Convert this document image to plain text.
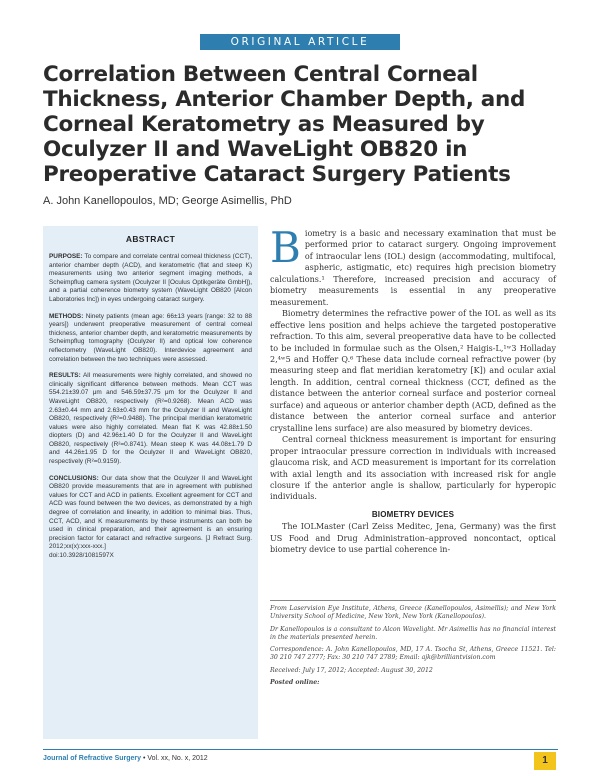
ORIGINAL ARTICLE
Correlation Between Central Corneal Thickness, Anterior Chamber Depth, and Corneal Keratometry as Measured by Oculyzer II and WaveLight OB820 in Preoperative Cataract Surgery Patients
A. John Kanellopoulos, MD; George Asimellis, PhD
ABSTRACT

PURPOSE: To compare and correlate central corneal thickness (CCT), anterior chamber depth (ACD), and keratometric (flat and steep K) measurements using two anterior segment imaging methods, a Scheimpflug camera system (Oculyzer II [Oculus Optikgeräte GmbH]), and a partial coherence biometry system (WaveLight OB820 [Alcon Laboratories Inc]) in eyes undergoing cataract surgery.

METHODS: Ninety patients (mean age: 66±13 years [range: 32 to 88 years]) underwent preoperative measurement of central corneal thickness, anterior chamber depth, and keratometric measurements by Scheimpflug tomography (Oculyzer II) and optical low coherence reflectometry (WaveLight OB820). Interdevice agreement and correlation between the two techniques were assessed.

RESULTS: All measurements were highly correlated, and showed no clinically significant difference between methods. Mean CCT was 554.21±39.07 μm and 546.59±37.75 μm for the Oculyzer II and WaveLight OB820, respectively (R²=0.9268). Mean ACD was 2.63±0.44 mm and 2.63±0.43 mm for the Oculyzer II and WaveLight OB820, respectively (R²=0.9488). The principal meridian keratometric values were also highly correlated. Mean flat K was 42.88±1.50 diopters (D) and 42.96±1.40 D for the Oculyzer II and WaveLight OB820, respectively (R²=0.8741). Mean steep K was 44.08±1.79 D and 44.26±1.95 D for the Oculyzer II and WaveLight OB820, respectively (R²=0.9159).

CONCLUSIONS: Our data show that the Oculyzer II and WaveLight OB820 provide measurements that are in agreement with published values for CCT and ACD in patients. Excellent agreement for CCT and ACD was found between the two devices, as demonstrated by a high degree of correlation and linearity, in addition to minimal bias. Thus, CCT, ACD, and K measurements by these instruments can both be used in clinical preparation, and their agreement is an ensuring precision factor for cataract and refractive surgeons. [J Refract Surg. 2012;xx(x):xxx-xxx.]
doi:10.3928/1081597X

Biometry is a basic and necessary examination that must be performed prior to cataract surgery. Ongoing improvement of intraocular lens (IOL) design (accommodating, multifocal, aspheric, astigmatic, etc) requires high precision biometry calculations.¹ Therefore, increased precision and accuracy of biometry measurements is essential in any preoperative measurement.

Biometry determines the refractive power of the IOL as well as its effective lens position and helps achieve the targeted postoperative refraction. To this aim, several preoperative data have to be collected to be included in formulae such as the Olsen,² Haigis-L,¹ʷ3 Holladay 2,⁴ʷ5 and Hoffer Q.⁶ These data include corneal refractive power (by measuring steep and flat meridian keratometry [K]) and ocular axial length. In addition, central corneal thickness (CCT, defined as the distance between the anterior corneal surface and posterior corneal surface) and aqueous or anterior chamber depth (ACD, defined as the distance between the anterior corneal surface and anterior crystalline lens surface) are also measured by biometry devices.

Central corneal thickness measurement is important for ensuring proper intraocular pressure correction in individuals with increased glaucoma risk, and ACD measurement is important for its correlation with axial length and its association with increased risk for angle closure if the anterior angle is shallow, particularly for hyperopic individuals.

BIOMETRY DEVICES

The IOLMaster (Carl Zeiss Meditec, Jena, Germany) was the first US Food and Drug Administration–approved noncontact, optical biometry device to use partial coherence in-

From Laservision Eye Institute, Athens, Greece (Kanellopoulos, Asimellis); and New York University School of Medicine, New York, New York (Kanellopoulos).

Dr Kanellopoulos is a consultant to Alcon Wavelight. Mr Asimellis has no financial interest in the materials presented herein.

Correspondence: A. John Kanellopoulos, MD, 17 A. Tsocha St, Athens, Greece 11521. Tel: 30 210 747 2777; Fax: 30 210 747 2789; Email: ajk@brilliantvision.com

Received: July 17, 2012; Accepted: August 30, 2012

Posted online:

Journal of Refractive Surgery • Vol. xx, No. x, 2012	1
